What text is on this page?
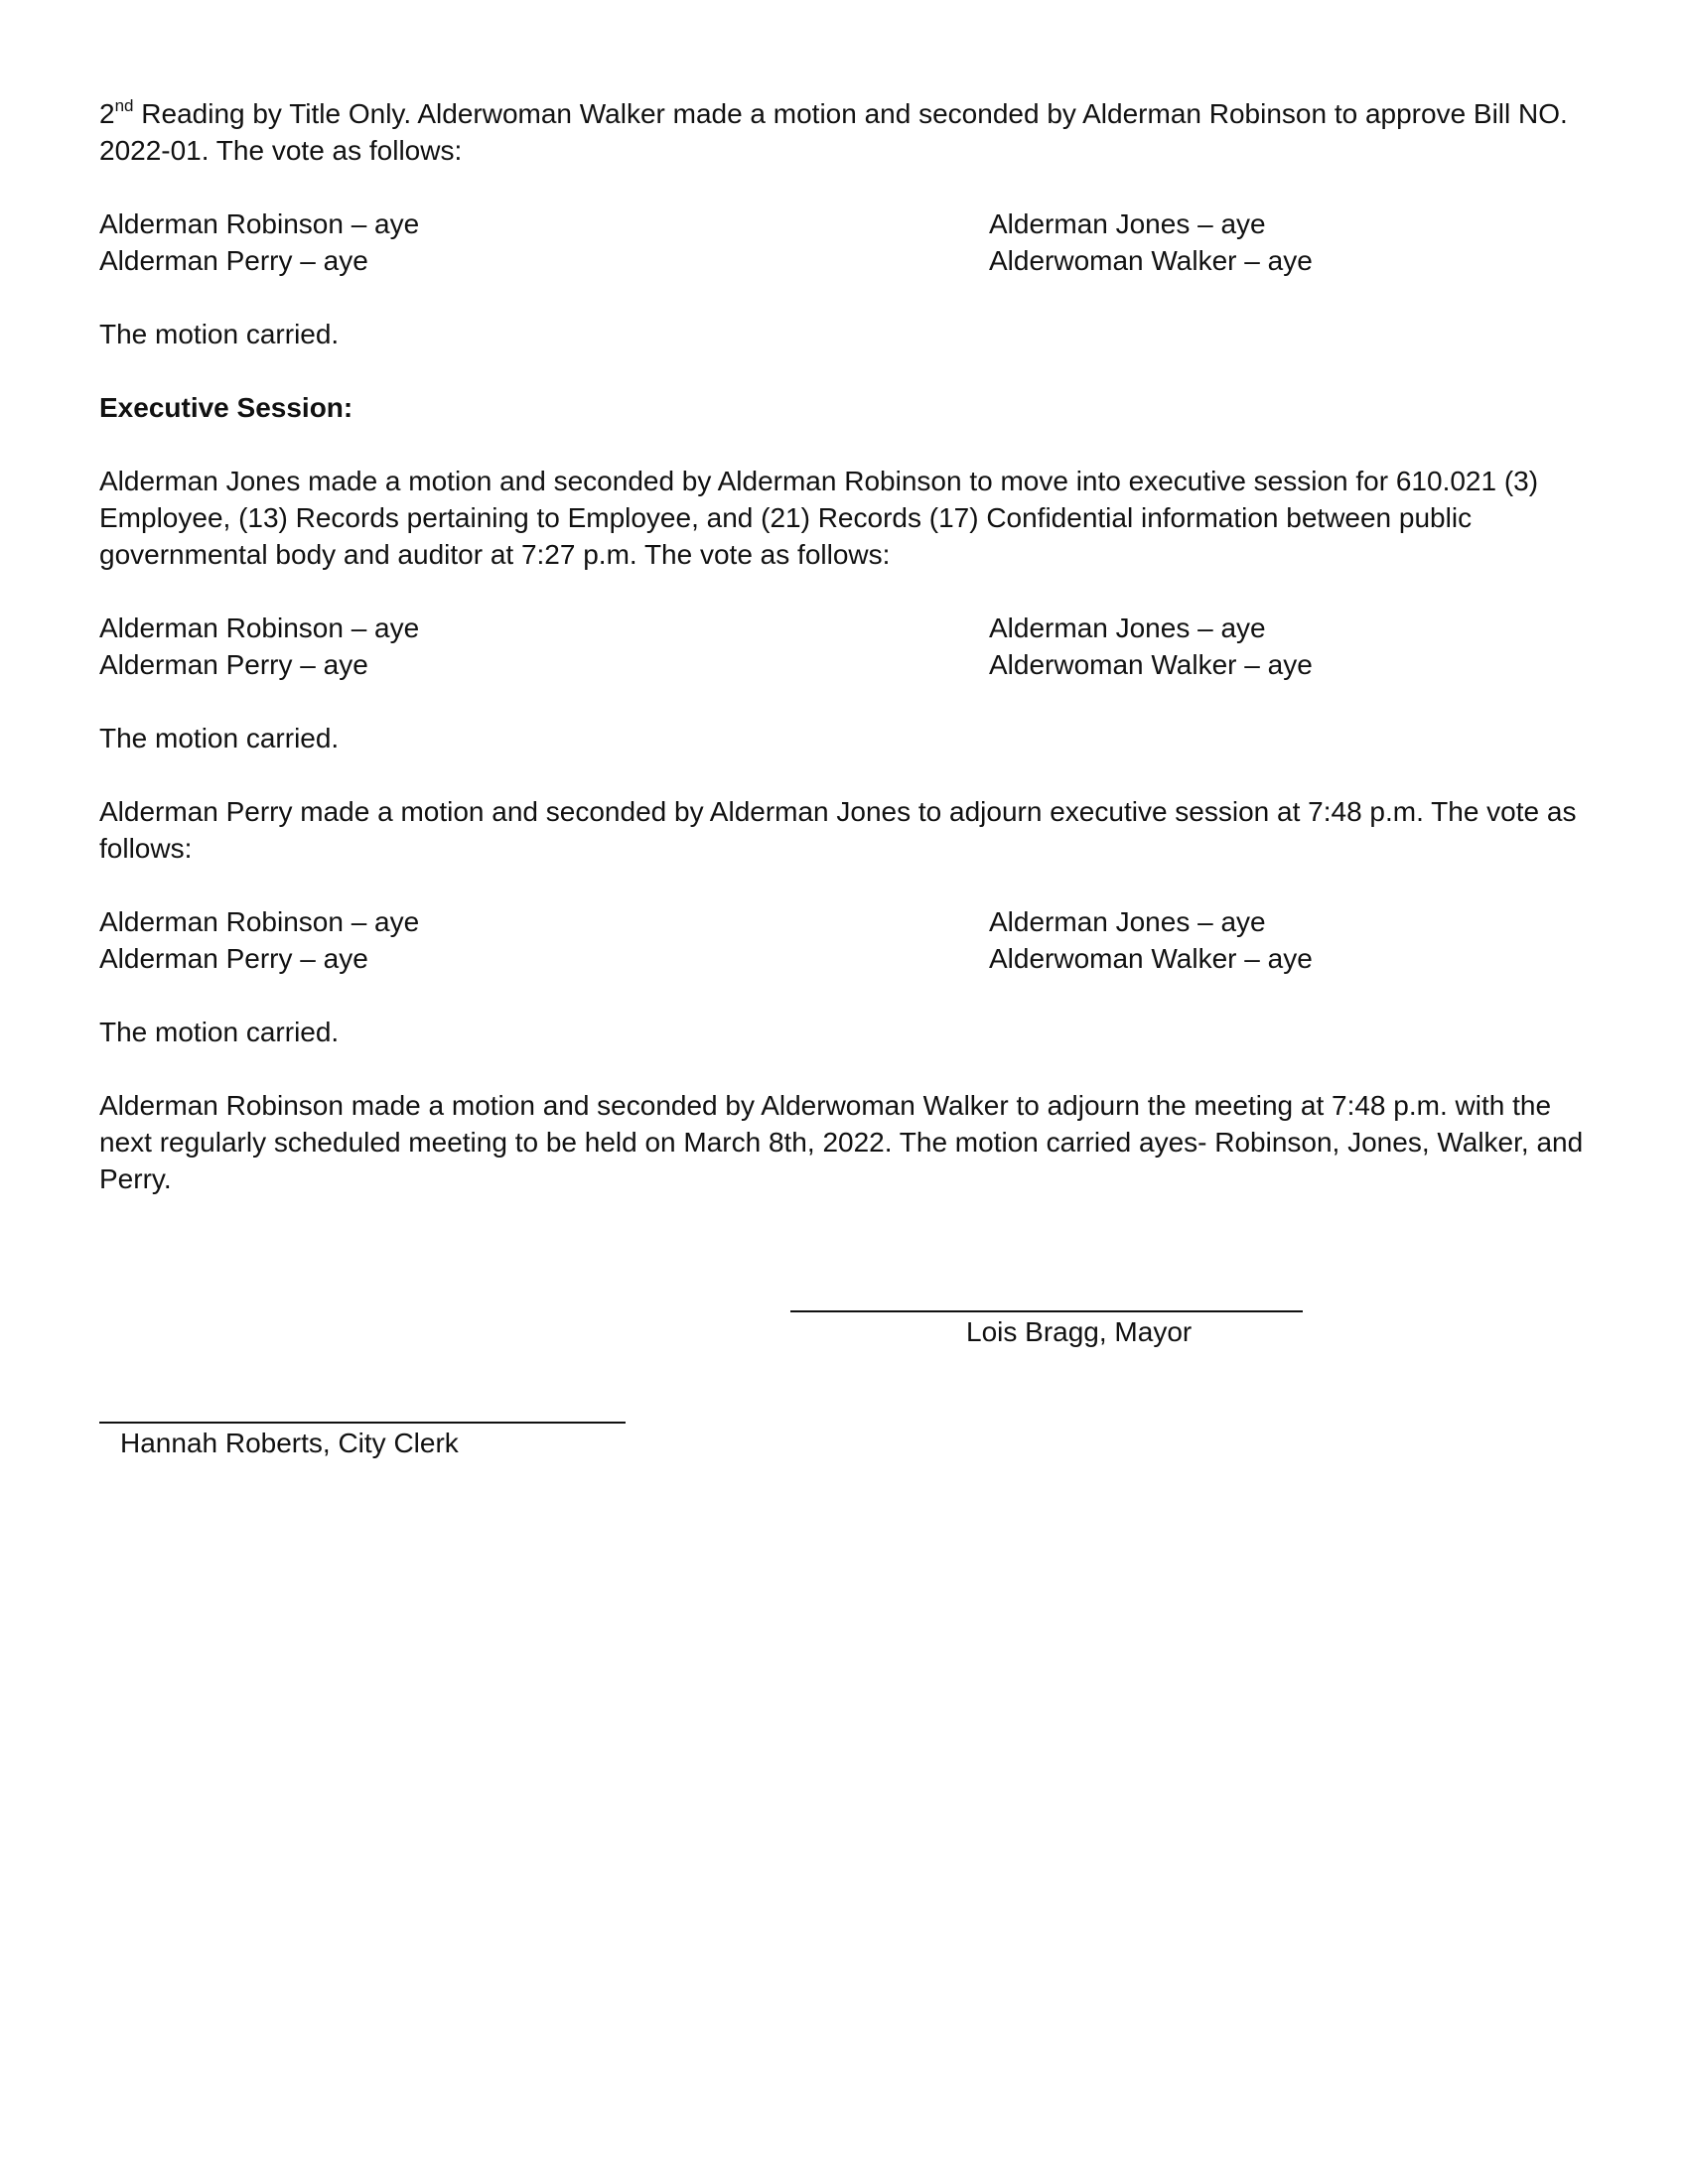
2nd Reading by Title Only. Alderwoman Walker made a motion and seconded by Alderman Robinson to approve Bill NO. 2022-01. The vote as follows:

Alderman Robinson – aye	Alderman Jones – aye
Alderman Perry – aye	Alderwoman Walker – aye

The motion carried.

Executive Session:

Alderman Jones made a motion and seconded by Alderman Robinson to move into executive session for 610.021 (3) Employee, (13) Records pertaining to Employee, and (21) Records (17) Confidential information between public governmental body and auditor at 7:27 p.m. The vote as follows:

Alderman Robinson – aye	Alderman Jones – aye
Alderman Perry – aye	Alderwoman Walker – aye

The motion carried.

Alderman Perry made a motion and seconded by Alderman Jones to adjourn executive session at 7:48 p.m. The vote as follows:

Alderman Robinson – aye	Alderman Jones – aye
Alderman Perry – aye	Alderwoman Walker – aye

The motion carried.

Alderman Robinson made a motion and seconded by Alderwoman Walker to adjourn the meeting at 7:48 p.m. with the next regularly scheduled meeting to be held on March 8th, 2022. The motion carried ayes- Robinson, Jones, Walker, and Perry.

Lois Bragg, Mayor
Hannah Roberts, City Clerk
